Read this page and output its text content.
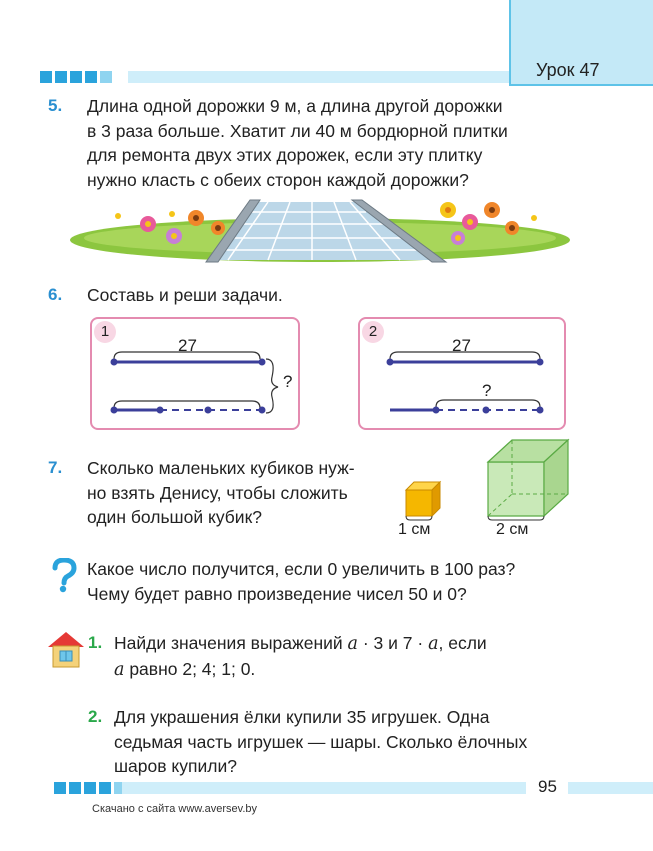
Урок 47
5. Длина одной дорожки 9 м, а длина другой дорожки
в 3 раза больше. Хватит ли 40 м бордюрной плитки
для ремонта двух этих дорожек, если эту плитку
нужно класть с обеих сторон каждой дорожки?
6. Составь и реши задачи.
1
27
?
2
27
?
7. Сколько маленьких кубиков нуж-
но взять Денису, чтобы сложить
один большой кубик?
1 см	2 см
Какое число получится, если 0 увеличить в 100 раз?
Чему будет равно произведение чисел 50 и 0?
1. Найди значения выражений a · 3 и 7 · a, если
a равно 2; 4; 1; 0.
2. Для украшения ёлки купили 35 игрушек. Одна
седьмая часть игрушек — шары. Сколько ёлочных
шаров купили?
95
Скачано с сайта www.aversev.by
